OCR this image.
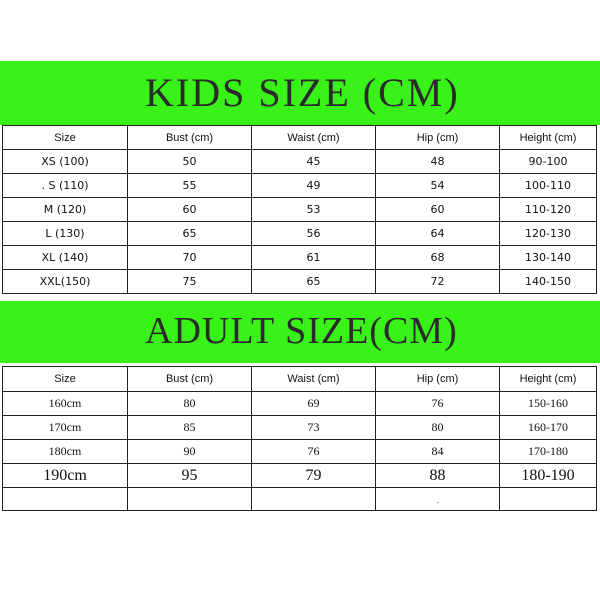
KIDS SIZE (CM)
Size	Bust (cm)	Waist (cm)	Hip (cm)	Height (cm)
XS (100)	50	45	48	90-100
. S (110)	55	49	54	100-110
M (120)	60	53	60	110-120
L (130)	65	56	64	120-130
XL (140)	70	61	68	130-140
XXL(150)	75	65	72	140-150
ADULT SIZE(CM)
Size	Bust (cm)	Waist (cm)	Hip (cm)	Height (cm)
160cm	80	69	76	150-160
170cm	85	73	80	160-170
180cm	90	76	84	170-180
190cm	95	79	88	180-190
			.	
